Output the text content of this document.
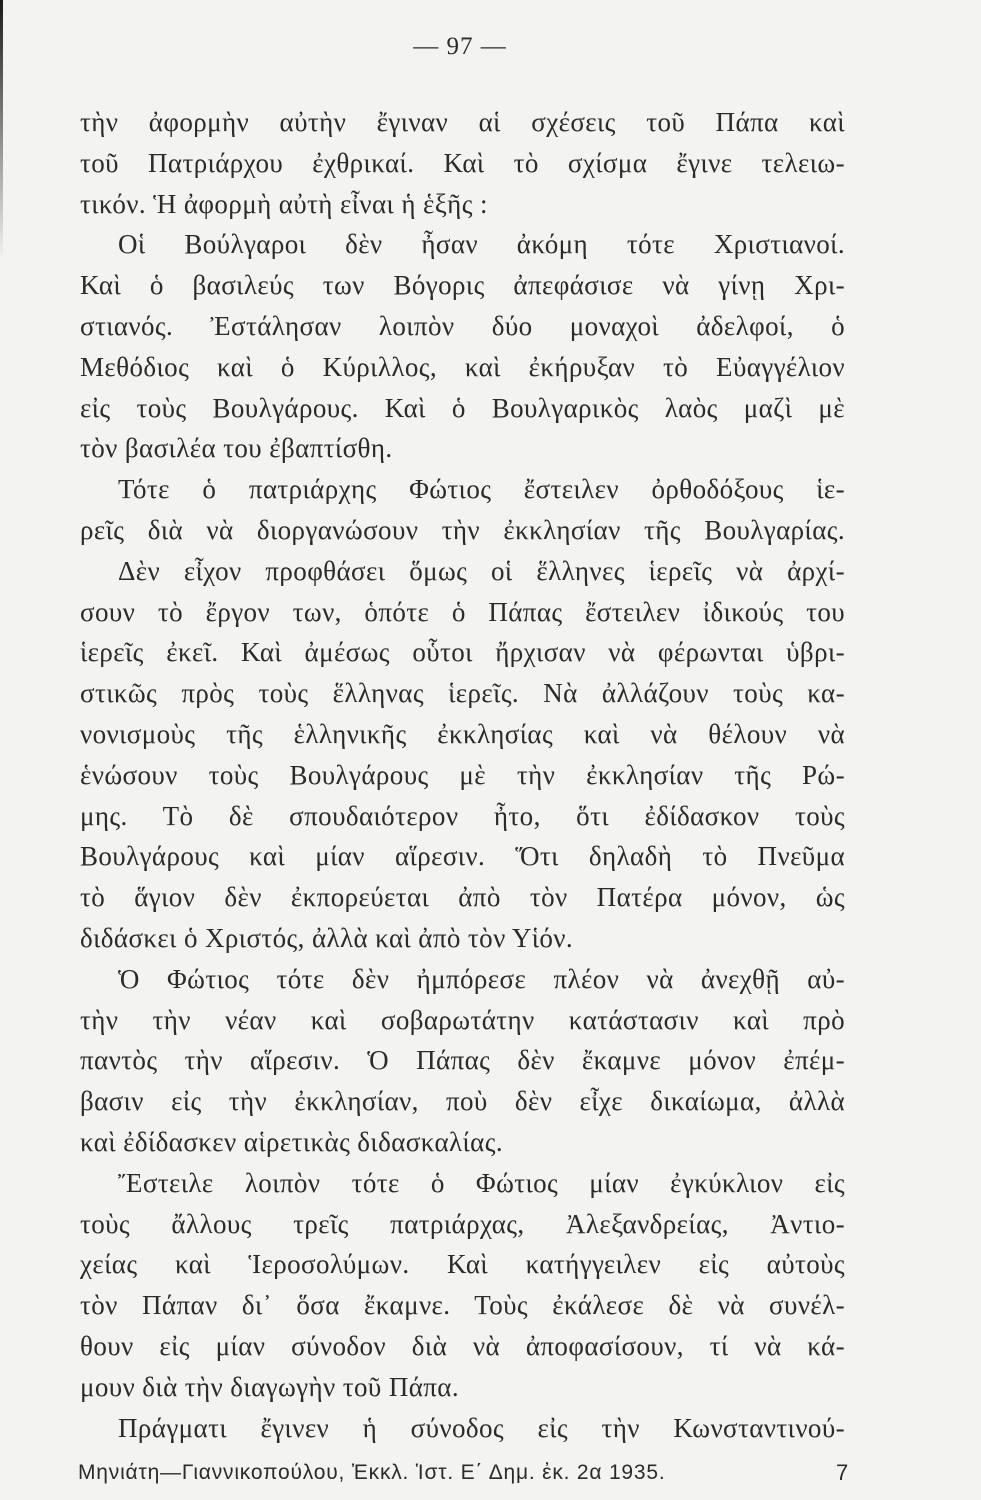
— 97 —
τὴν ἀφορμὴν αὐτὴν ἔγιναν αἱ σχέσεις τοῦ Πάπα καὶ
τοῦ Πατριάρχου ἐχθρικαί. Καὶ τὸ σχίσμα ἔγινε τελειω-
τικόν. Ἡ ἀφορμὴ αὐτὴ εἶναι ἡ ἑξῆς :
Οἱ Βούλγαροι δὲν ἦσαν ἀκόμη τότε Χριστιανοί.
Καὶ ὁ βασιλεύς των Βόγορις ἀπεφάσισε νὰ γίνῃ Χρι-
στιανός. Ἐστάλησαν λοιπὸν δύο μοναχοὶ ἀδελφοί, ὁ
Μεθόδιος καὶ ὁ Κύριλλος, καὶ ἐκήρυξαν τὸ Εὐαγγέλιον
εἰς τοὺς Βουλγάρους. Καὶ ὁ Βουλγαρικὸς λαὸς μαζὶ μὲ
τὸν βασιλέα του ἐβαπτίσθη.
Τότε ὁ πατριάρχης Φώτιος ἔστειλεν ὀρθοδόξους ἱε-
ρεῖς διὰ νὰ διοργανώσουν τὴν ἐκκλησίαν τῆς Βουλγαρίας.
Δὲν εἶχον προφθάσει ὅμως οἱ ἕλληνες ἱερεῖς νὰ ἀρχί-
σουν τὸ ἔργον των, ὁπότε ὁ Πάπας ἔστειλεν ἰδικούς του
ἱερεῖς ἐκεῖ. Καὶ ἀμέσως οὗτοι ἤρχισαν νὰ φέρωνται ὑβρι-
στικῶς πρὸς τοὺς ἕλληνας ἱερεῖς. Νὰ ἀλλάζουν τοὺς κα-
νονισμοὺς τῆς ἑλληνικῆς ἐκκλησίας καὶ νὰ θέλουν νὰ
ἑνώσουν τοὺς Βουλγάρους μὲ τὴν ἐκκλησίαν τῆς Ρώ-
μης. Τὸ δὲ σπουδαιότερον ἦτο, ὅτι ἐδίδασκον τοὺς
Βουλγάρους καὶ μίαν αἵρεσιν. Ὅτι δηλαδὴ τὸ Πνεῦμα
τὸ ἅγιον δὲν ἐκπορεύεται ἀπὸ τὸν Πατέρα μόνον, ὡς
διδάσκει ὁ Χριστός, ἀλλὰ καὶ ἀπὸ τὸν Υἱόν.
Ὁ Φώτιος τότε δὲν ἠμπόρεσε πλέον νὰ ἀνεχθῇ αὐ-
τὴν τὴν νέαν καὶ σοβαρωτάτην κατάστασιν καὶ πρὸ
παντὸς τὴν αἵρεσιν. Ὁ Πάπας δὲν ἔκαμνε μόνον ἐπέμ-
βασιν εἰς τὴν ἐκκλησίαν, ποὺ δὲν εἶχε δικαίωμα, ἀλλὰ
καὶ ἐδίδασκεν αἱρετικὰς διδασκαλίας.
Ἔστειλε λοιπὸν τότε ὁ Φώτιος μίαν ἐγκύκλιον εἰς
τοὺς ἄλλους τρεῖς πατριάρχας, Ἀλεξανδρείας, Ἀντιο-
χείας καὶ Ἱεροσολύμων. Καὶ κατήγγειλεν εἰς αὐτοὺς
τὸν Πάπαν δι᾽ ὅσα ἔκαμνε. Τοὺς ἐκάλεσε δὲ νὰ συνέλ-
θουν εἰς μίαν σύνοδον διὰ νὰ ἀποφασίσουν, τί νὰ κά-
μουν διὰ τὴν διαγωγὴν τοῦ Πάπα.
Πράγματι ἔγινεν ἡ σύνοδος εἰς τὴν Κωνσταντινού-
Μηνιάτη—Γιαννικοπούλου, Ἐκκλ. Ἱστ. Ε΄ Δημ. ἐκ. 2α 1935.	7
